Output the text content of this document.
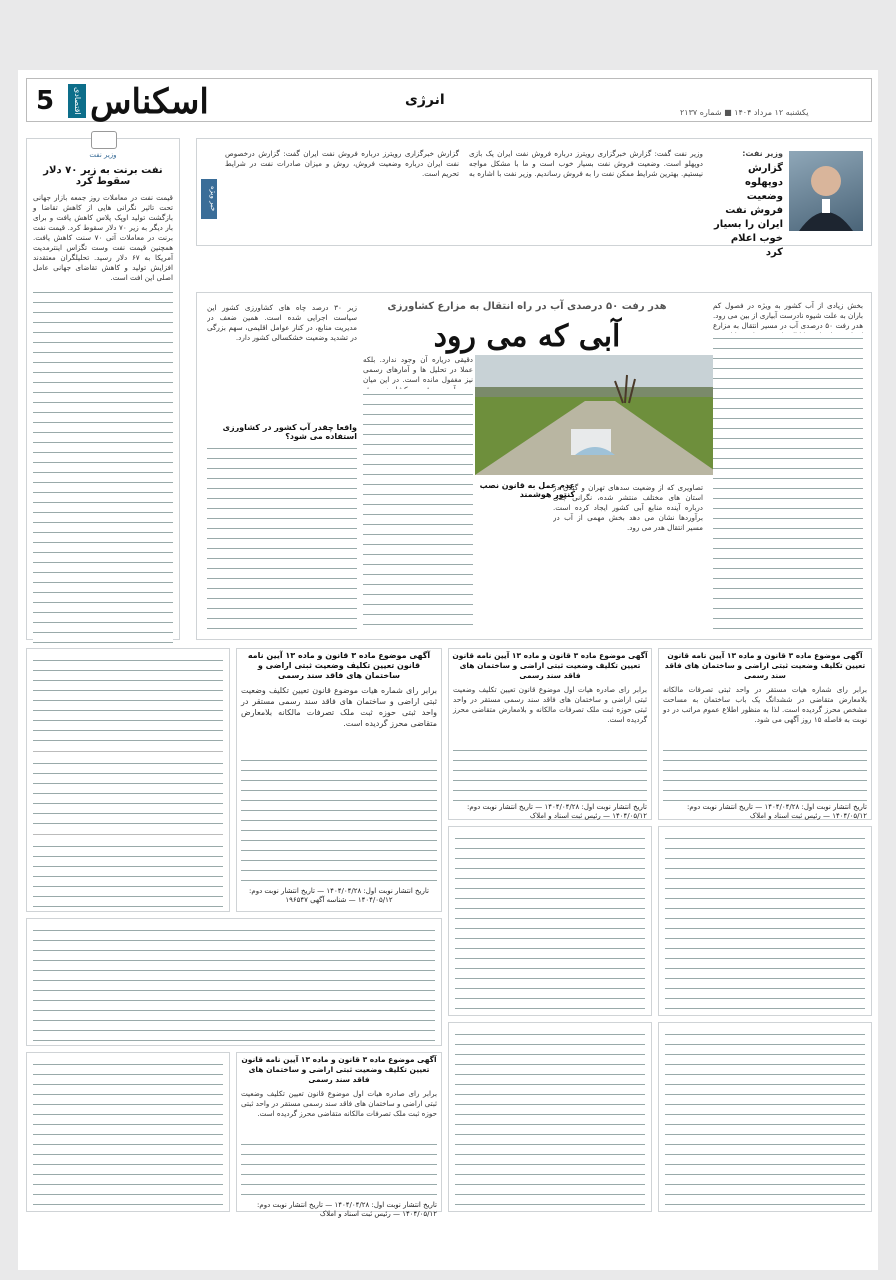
5	اقتصادی ایران اسکناس	انرژی
یکشنبه ۱۲ مرداد ۱۴۰۴ ■ شماره ۲۱۳۷
وزیر نفت:
گزارش دوپهلوه وضعیت فروش نفت ایران را بسیار خوب اعلام کرد
وزیر نفت گفت: گزارش خبرگزاری رویترز درباره فروش نفت ایران یک بازی دوپهلو است. وضعیت فروش نفت بسیار خوب است و ما با مشکل مواجه نیستیم. بهترین شرایط ممکن نفت را به فروش رساندیم. وزیر نفت با اشاره به گزارش خبرگزاری رویترز درباره فروش نفت ایران گفت: گزارش درخصوص نفت ایران درباره وضعیت فروش، روش و میزان صادرات نفت در شرایط تحریم است.
خبر ویژه
وزیر نفت
نفت برنت به زیر ۷۰ دلار سقوط کرد
قیمت نفت در معاملات روز جمعه بازار جهانی تحت تاثیر نگرانی هایی از کاهش تقاضا و بازگشت تولید اوپک پلاس کاهش یافت و برای بار دیگر به زیر ۷۰ دلار سقوط کرد. قیمت نفت برنت در معاملات آتی ۷۰ سنت کاهش یافت. همچنین قیمت نفت وست تگزاس اینترمدیت آمریکا به ۶۷ دلار رسید. تحلیلگران معتقدند افزایش تولید و کاهش تقاضای جهانی عامل اصلی این افت است.
هدر رفت ۵۰ درصدی آب در راه انتقال به مزارع کشاورزی
آبی که می رود
بخش زیادی از آب کشور به ویژه در فصول کم باران به علت شیوه نادرست آبیاری از بین می رود. هدر رفت ۵۰ درصدی آب در مسیر انتقال به مزارع
تصاویری که از وضعیت سدهای تهران و گیلان در استان های مختلف منتشر شده، نگرانی جدی درباره آینده منابع آبی کشور ایجاد کرده است. برآوردها نشان می دهد بخش مهمی از آب در مسیر انتقال هدر می رود.
عدم عمل به قانون نصب کنتور هوشمند
دقیقی دریاره آن وجود ندارد. بلکه عملا در تحلیل ها و آمارهای رسمی نیز مغفول مانده است. در این میان
زیر ۳۰ درصد چاه های کشاورزی کشور این سیاست اجرایی شده است. همین ضعف در مدیریت منابع، در کنار عوامل اقلیمی، سهم بزرگی در تشدید وضعیت خشکسالی کشور دارد.
واقعا چقدر آب کشور در کشاورزی استفاده می شود؟
آگهی موضوع ماده ۳ قانون و ماده ۱۳ آیین نامه قانون تعیین تکلیف وضعیت ثبتی اراضی و ساختمان های فاقد سند رسمی
برابر رای شماره هیات مستقر در واحد ثبتی تصرفات مالکانه بلامعارض متقاضی در ششدانگ یک باب ساختمان به مساحت مشخص محرز گردیده است. لذا به منظور اطلاع عموم مراتب در دو نوبت به فاصله ۱۵ روز آگهی می شود.
تاریخ انتشار نوبت اول: ۱۴۰۴/۰۴/۲۸ — تاریخ انتشار نوبت دوم: ۱۴۰۴/۰۵/۱۲ — رئیس ثبت اسناد و املاک
آگهی موضوع ماده ۳ قانون و ماده ۱۳ آیین نامه قانون تعیین تکلیف وضعیت ثبتی اراضی و ساختمان های فاقد سند رسمی
برابر رای صادره هیات اول موضوع قانون تعیین تکلیف وضعیت ثبتی اراضی و ساختمان های فاقد سند رسمی مستقر در واحد ثبتی حوزه ثبت ملک تصرفات مالکانه و بلامعارض متقاضی محرز گردیده است.
تاریخ انتشار نوبت اول: ۱۴۰۴/۰۴/۲۸ — تاریخ انتشار نوبت دوم: ۱۴۰۴/۰۵/۱۲ — رئیس ثبت اسناد و املاک
آگهی موضوع ماده ۳ قانون و ماده ۱۳ آیین نامه قانون تعیین تکلیف وضعیت ثبتی اراضی و ساختمان های فاقد سند رسمی
برابر رای شماره هیات موضوع قانون تعیین تکلیف وضعیت ثبتی اراضی و ساختمان های فاقد سند رسمی مستقر در واحد ثبتی حوزه ثبت ملک تصرفات مالکانه بلامعارض متقاضی محرز گردیده است.
تاریخ انتشار نوبت اول: ۱۴۰۴/۰۴/۲۸ — تاریخ انتشار نوبت دوم: ۱۴۰۴/۰۵/۱۲ — شناسه آگهی ۱۹۶۵۴۷
آگهی موضوع ماده ۳ قانون و ماده ۱۳ آیین نامه قانون تعیین تکلیف وضعیت ثبتی اراضی و ساختمان های فاقد سند رسمی
برابر رای صادره هیات اول موضوع قانون تعیین تکلیف وضعیت ثبتی اراضی و ساختمان های فاقد سند رسمی مستقر در واحد ثبتی حوزه ثبت ملک تصرفات مالکانه متقاضی محرز گردیده است.
تاریخ انتشار نوبت اول: ۱۴۰۴/۰۴/۲۸ — تاریخ انتشار نوبت دوم: ۱۴۰۴/۰۵/۱۲ — رئیس ثبت اسناد و املاک
